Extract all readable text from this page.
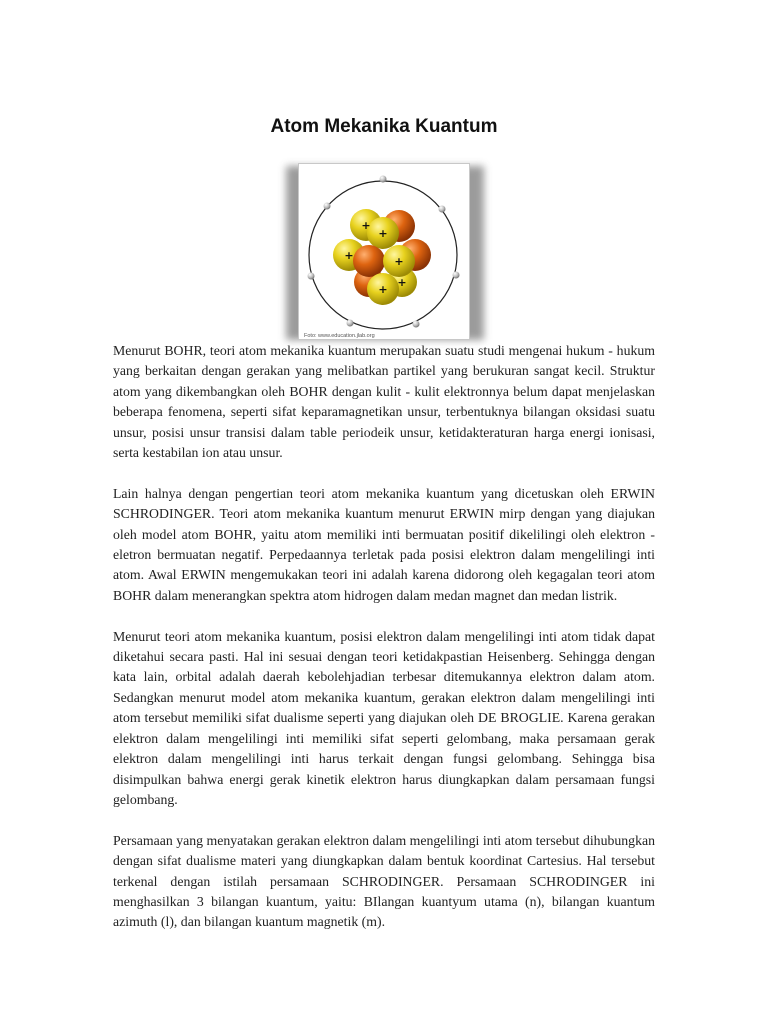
Atom Mekanika Kuantum
+
+
+	+
+
+
Foto: www.education.jlab.org

Menurut BOHR, teori atom mekanika kuantum merupakan suatu studi mengenai hukum - hukum yang berkaitan dengan gerakan yang melibatkan partikel yang berukuran sangat kecil. Struktur atom yang dikembangkan oleh BOHR dengan kulit - kulit elektronnya belum dapat menjelaskan beberapa fenomena, seperti sifat keparamagnetikan unsur, terbentuknya bilangan oksidasi suatu unsur, posisi unsur transisi dalam table periodeik unsur, ketidakteraturan harga energi ionisasi, serta kestabilan ion atau unsur.

Lain halnya dengan pengertian teori atom mekanika kuantum yang dicetuskan oleh ERWIN SCHRODINGER. Teori atom mekanika kuantum menurut ERWIN mirp dengan yang diajukan oleh model atom BOHR, yaitu atom memiliki inti bermuatan positif dikelilingi oleh elektron - eletron bermuatan negatif. Perpedaannya terletak pada posisi elektron dalam mengelilingi inti atom. Awal ERWIN mengemukakan teori ini adalah karena didorong oleh kegagalan teori atom BOHR dalam menerangkan spektra atom hidrogen dalam medan magnet dan medan listrik.

Menurut teori atom mekanika kuantum, posisi elektron dalam mengelilingi inti atom tidak dapat diketahui secara pasti. Hal ini sesuai dengan teori ketidakpastian Heisenberg. Sehingga dengan kata lain, orbital adalah daerah kebolehjadian terbesar ditemukannya elektron dalam atom. Sedangkan menurut model atom mekanika kuantum, gerakan elektron dalam mengelilingi inti atom tersebut memiliki sifat dualisme seperti yang diajukan oleh DE BROGLIE. Karena gerakan elektron dalam mengelilingi inti memiliki sifat seperti gelombang, maka persamaan gerak elektron dalam mengelilingi inti harus terkait dengan fungsi gelombang. Sehingga bisa disimpulkan bahwa energi gerak kinetik elektron harus diungkapkan dalam persamaan fungsi gelombang.

Persamaan yang menyatakan gerakan elektron dalam mengelilingi inti atom tersebut dihubungkan dengan sifat dualisme materi yang diungkapkan dalam bentuk koordinat Cartesius. Hal tersebut terkenal dengan istilah persamaan SCHRODINGER. Persamaan SCHRODINGER ini menghasilkan 3 bilangan kuantum, yaitu: BIlangan kuantyum utama (n), bilangan kuantum azimuth (l), dan bilangan kuantum magnetik (m).
